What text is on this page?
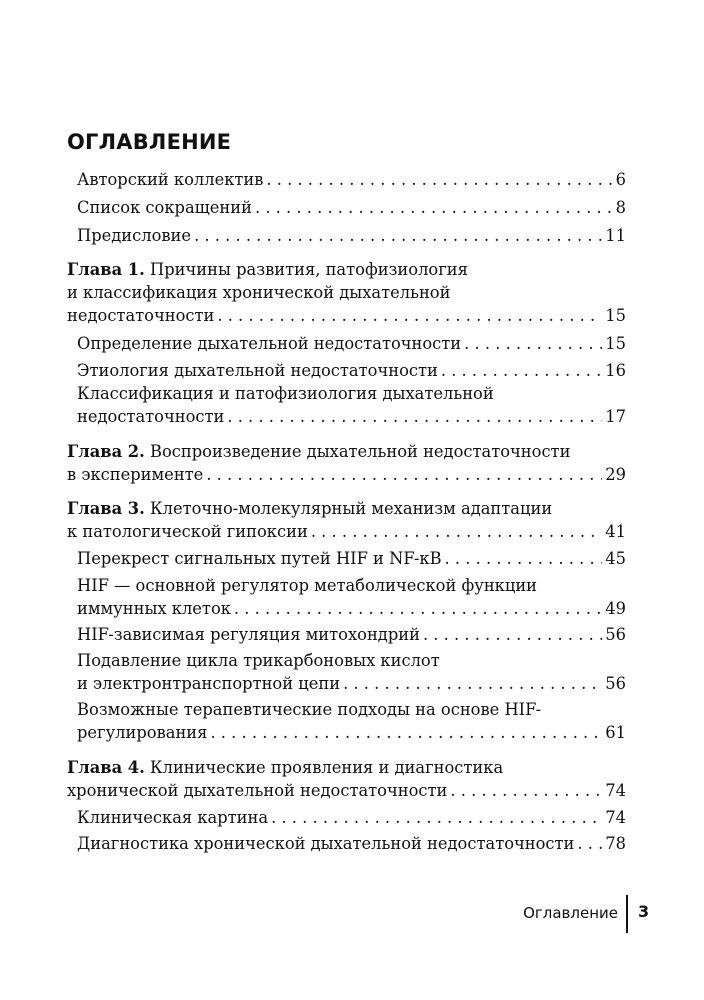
ОГЛАВЛЕНИЕ
Авторский коллектив . . .	6
Список сокращений . . .	8
Предисловие . . .	11
Глава 1. Причины развития, патофизиология
и классификация хронической дыхательной
недостаточности . . .	15
Определение дыхательной недостаточности . . .	15
Этиология дыхательной недостаточности . . .	16
Классификация и патофизиология дыхательной
недостаточности . . .	17
Глава 2. Воспроизведение дыхательной недостаточности
в эксперименте . . .	29
Глава 3. Клеточно-молекулярный механизм адаптации
к патологической гипоксии . . .	41
Перекрест сигнальных путей HIF и NF-κB . . .	45
HIF — основной регулятор метаболической функции
иммунных клеток . . .	49
HIF-зависимая регуляция митохондрий . . .	56
Подавление цикла трикарбоновых кислот
и электронтранспортной цепи . . .	56
Возможные терапевтические подходы на основе HIF-
регулирования . . .	61
Глава 4. Клинические проявления и диагностика
хронической дыхательной недостаточности . . .	74
Клиническая картина . . .	74
Диагностика хронической дыхательной недостаточности . . . 78
Оглавление 3
